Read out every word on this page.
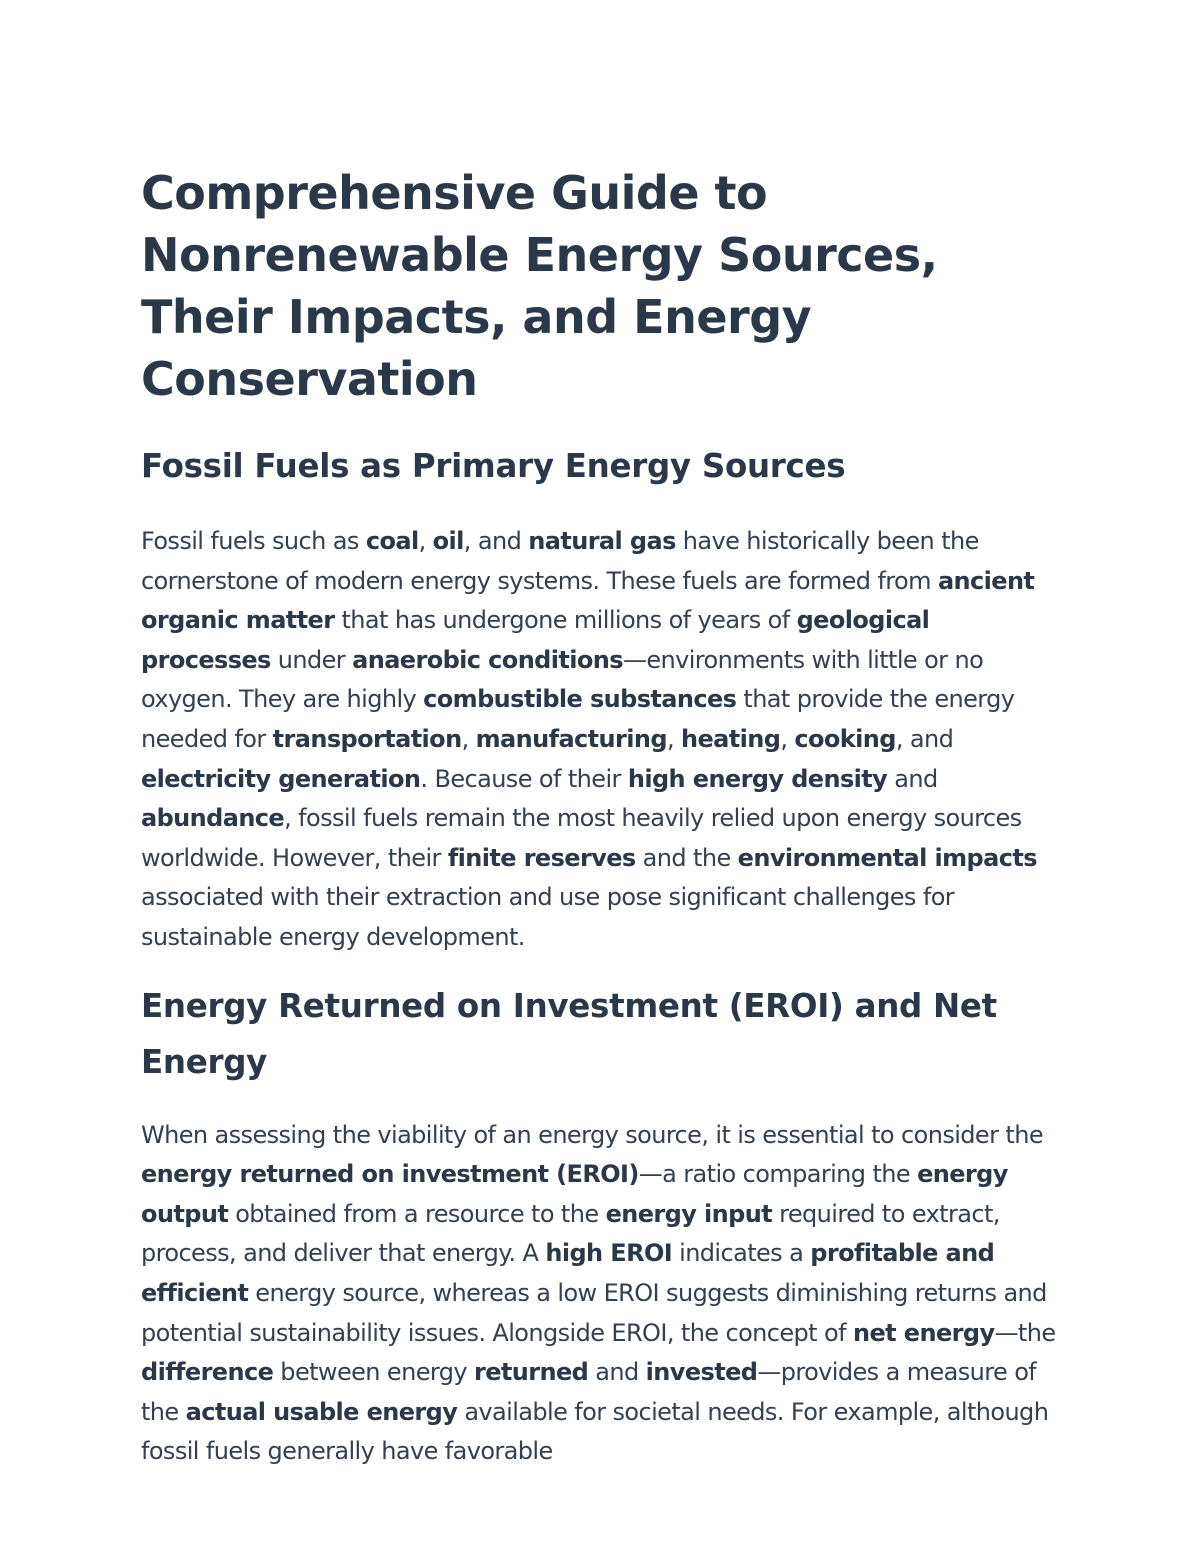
Comprehensive Guide to Nonrenewable Energy Sources, Their Impacts, and Energy Conservation
Fossil Fuels as Primary Energy Sources

Fossil fuels such as coal, oil, and natural gas have historically been the cornerstone of modern energy systems. These fuels are formed from ancient organic matter that has undergone millions of years of geological processes under anaerobic conditions—environments with little or no oxygen. They are highly combustible substances that provide the energy needed for transportation, manufacturing, heating, cooking, and electricity generation. Because of their high energy density and abundance, fossil fuels remain the most heavily relied upon energy sources worldwide. However, their finite reserves and the environmental impacts associated with their extraction and use pose significant challenges for sustainable energy development.

Energy Returned on Investment (EROI) and Net Energy

When assessing the viability of an energy source, it is essential to consider the energy returned on investment (EROI)—a ratio comparing the energy output obtained from a resource to the energy input required to extract, process, and deliver that energy. A high EROI indicates a profitable and efficient energy source, whereas a low EROI suggests diminishing returns and potential sustainability issues. Alongside EROI, the concept of net energy—the difference between energy returned and invested—provides a measure of the actual usable energy available for societal needs. For example, although fossil fuels generally have favorable
